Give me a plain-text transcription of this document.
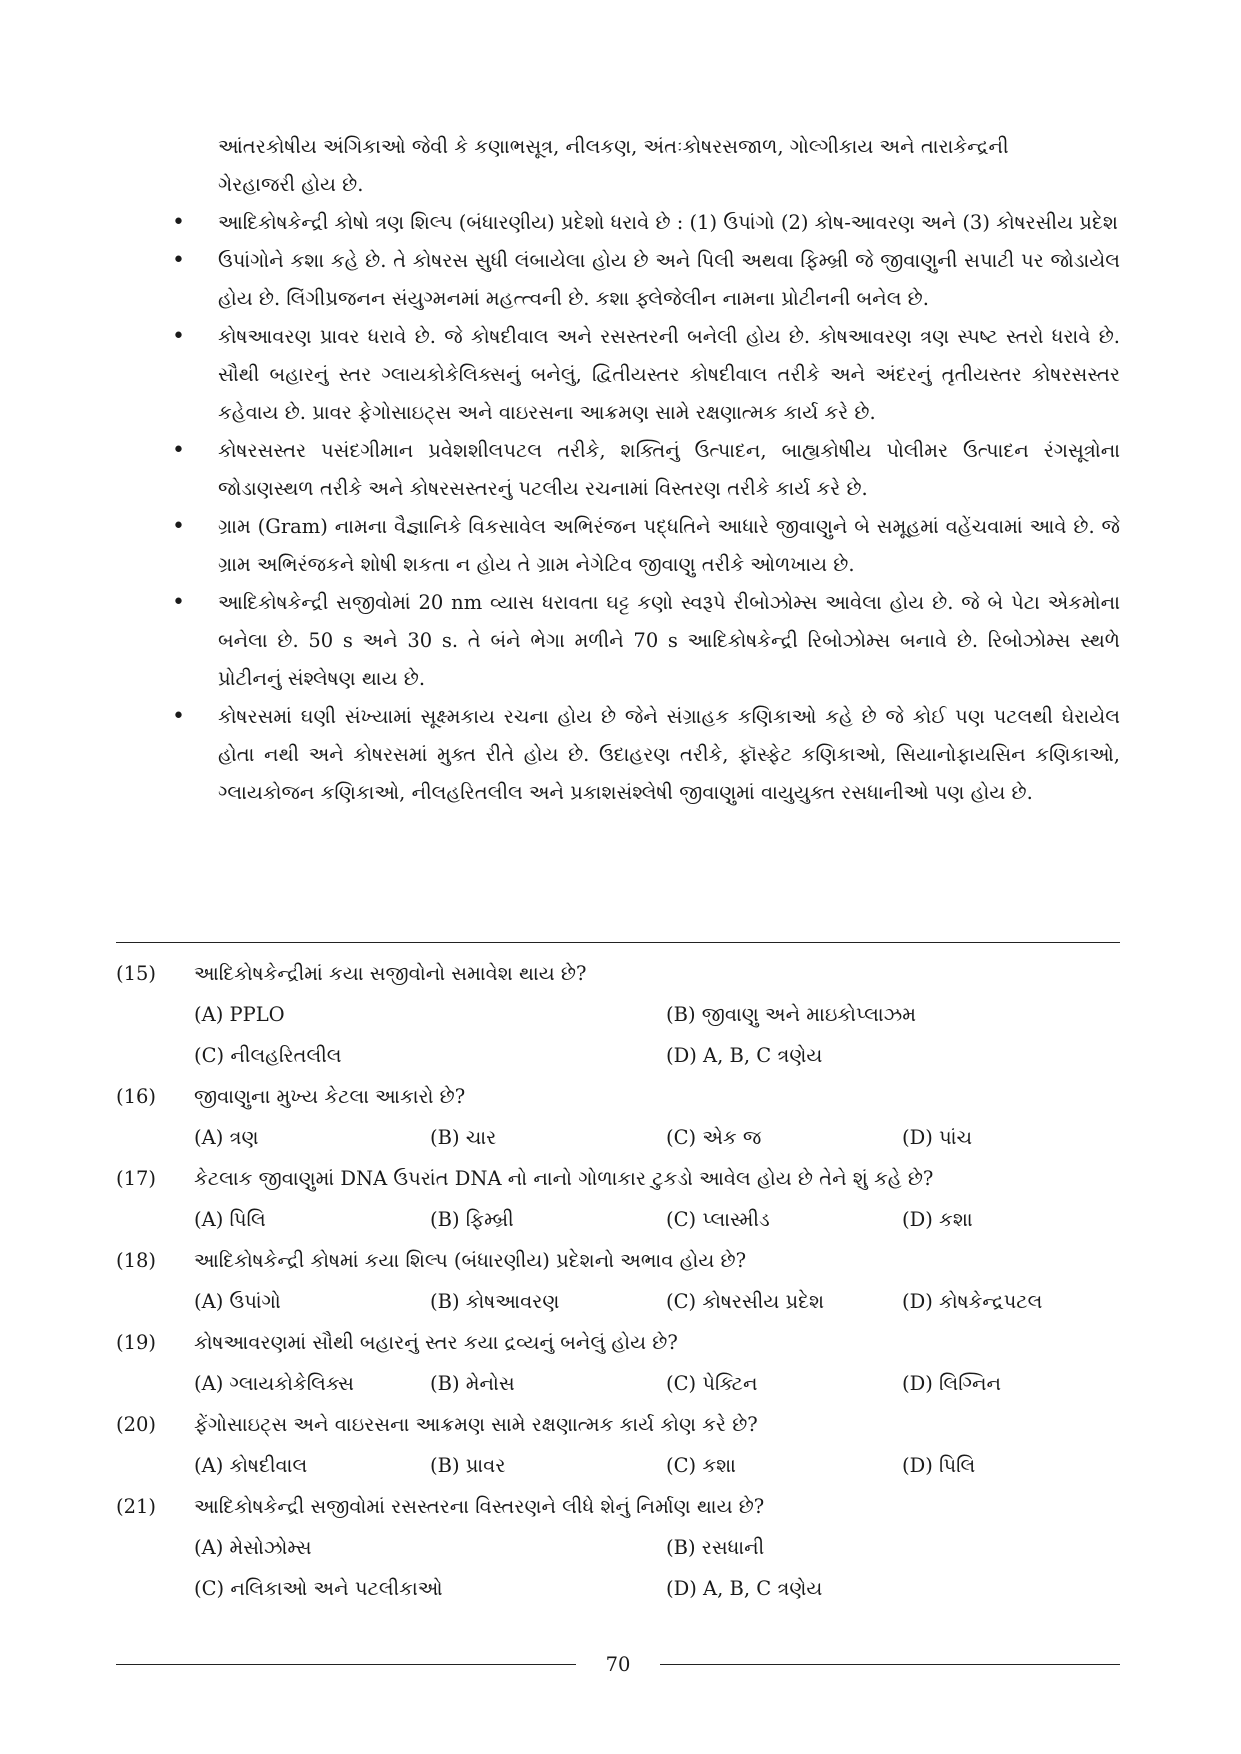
આંતરકોષીય અંગિકાઓ જેવી કે કણાભસૂત્ર, નીલકણ, અંતઃકોષરસજાળ, ગોલ્ગીકાય અને તારાકેન્દ્રની
ગેરહાજરી હોય છે.

• આદિકોષકેન્દ્રી કોષો ત્રણ શિલ્પ (બંધારણીય) પ્રદેશો ધરાવે છે : (1) ઉપાંગો (2) કોષ-આવરણ અને (3) કોષરસીય પ્રદેશ
• ઉપાંગોને કશા કહે છે. તે કોષરસ સુધી લંબાયેલા હોય છે અને પિલી અથવા ફિમ્બ્રી જે જીવાણુની સપાટી પર જોડાયેલ હોય છે. લિંગીપ્રજનન સંયુગ્મનમાં મહત્ત્વની છે. કશા ફ્લેજેલીન નામના પ્રોટીનની બનેલ છે.
• કોષઆવરણ પ્રાવર ધરાવે છે. જે કોષદીવાલ અને રસસ્તરની બનેલી હોય છે. કોષઆવરણ ત્રણ સ્પષ્ટ સ્તરો ધરાવે છે. સૌથી બહારનું સ્તર ગ્લાયકોકેલિક્સનું બનેલું, દ્વિતીયસ્તર કોષદીવાલ તરીકે અને અંદરનું તૃતીયસ્તર કોષરસસ્તર કહેવાય છે. પ્રાવર ફેગોસાઇટ્સ અને વાઇરસના આક્રમણ સામે રક્ષણાત્મક કાર્ય કરે છે.
• કોષરસસ્તર પસંદગીમાન પ્રવેશશીલપટલ તરીકે, શક્તિનું ઉત્પાદન, બાહ્યકોષીય પોલીમર ઉત્પાદન રંગસૂત્રોના જોડાણસ્થળ તરીકે અને કોષરસસ્તરનું પટલીય રચનામાં વિસ્તરણ તરીકે કાર્ય કરે છે.
• ગ્રામ (Gram) નામના વૈજ્ઞાનિકે વિકસાવેલ અભિરંજન પદ્ધતિને આધારે જીવાણુને બે સમૂહમાં વહેંચવામાં આવે છે. જે ગ્રામ અભિરંજકને શોષી શકતા ન હોય તે ગ્રામ નેગેટિવ જીવાણુ તરીકે ઓળખાય છે.
• આદિકોષકેન્દ્રી સજીવોમાં 20 nm વ્યાસ ધરાવતા ઘટ્ટ કણો સ્વરૂપે રીબોઝોમ્સ આવેલા હોય છે. જે બે પેટા એકમોના બનેલા છે. 50 s અને 30 s. તે બંને ભેગા મળીને 70 s આદિકોષકેન્દ્રી રિબોઝોમ્સ બનાવે છે. રિબોઝોમ્સ સ્થળે પ્રોટીનનું સંશ્લેષણ થાય છે.
• કોષરસમાં ઘણી સંખ્યામાં સૂક્ષ્મકાય રચના હોય છે જેને સંગ્રાહક કણિકાઓ કહે છે જે કોઈ પણ પટલથી ઘેરાયેલ હોતા નથી અને કોષરસમાં મુક્ત રીતે હોય છે. ઉદાહરણ તરીકે, ફૉસ્ફેટ કણિકાઓ, સિયાનોફાયસિન કણિકાઓ, ગ્લાયકોજન કણિકાઓ, નીલહરિતલીલ અને પ્રકાશસંશ્લેષી જીવાણુમાં વાયુયુક્ત રસધાનીઓ પણ હોય છે.
(15)	આદિકોષકેન્દ્રીમાં કયા સજીવોનો સમાવેશ થાય છે?
(A) PPLO	(B) જીવાણુ અને માઇકોપ્લાઝમ
(C) નીલહરિતલીલ	(D) A, B, C ત્રણેય
(16)	જીવાણુના મુખ્ય કેટલા આકારો છે?
(A) ત્રણ	(B) ચાર	(C) એક જ	(D) પાંચ
(17)	કેટલાક જીવાણુમાં DNA ઉપરાંત DNA નો નાનો ગોળાકાર ટુકડો આવેલ હોય છે તેને શું કહે છે?
(A) પિલિ	(B) ફિમ્બ્રી	(C) પ્લાસ્મીડ	(D) કશા
(18)	આદિકોષકેન્દ્રી કોષમાં કયા શિલ્પ (બંધારણીય) પ્રદેશનો અભાવ હોય છે?
(A) ઉપાંગો	(B) કોષઆવરણ	(C) કોષરસીય પ્રદેશ	(D) કોષકેન્દ્રપટલ
(19)	કોષઆવરણમાં સૌથી બહારનું સ્તર કયા દ્રવ્યનું બનેલું હોય છે?
(A) ગ્લાયકોકેલિક્સ	(B) મેનોસ	(C) પેક્ટિન	(D) લિગ્નિન
(20)	ફેંગોસાઇટ્સ અને વાઇરસના આક્રમણ સામે રક્ષણાત્મક કાર્ય કોણ કરે છે?
(A) કોષદીવાલ	(B) પ્રાવર	(C) કશા	(D) પિલિ
(21)	આદિકોષકેન્દ્રી સજીવોમાં રસસ્તરના વિસ્તરણને લીધે શેનું નિર્માણ થાય છે?
(A) મેસોઝોમ્સ	(B) રસધાની
(C) નલિકાઓ અને પટલીકાઓ	(D) A, B, C ત્રણેય
70
